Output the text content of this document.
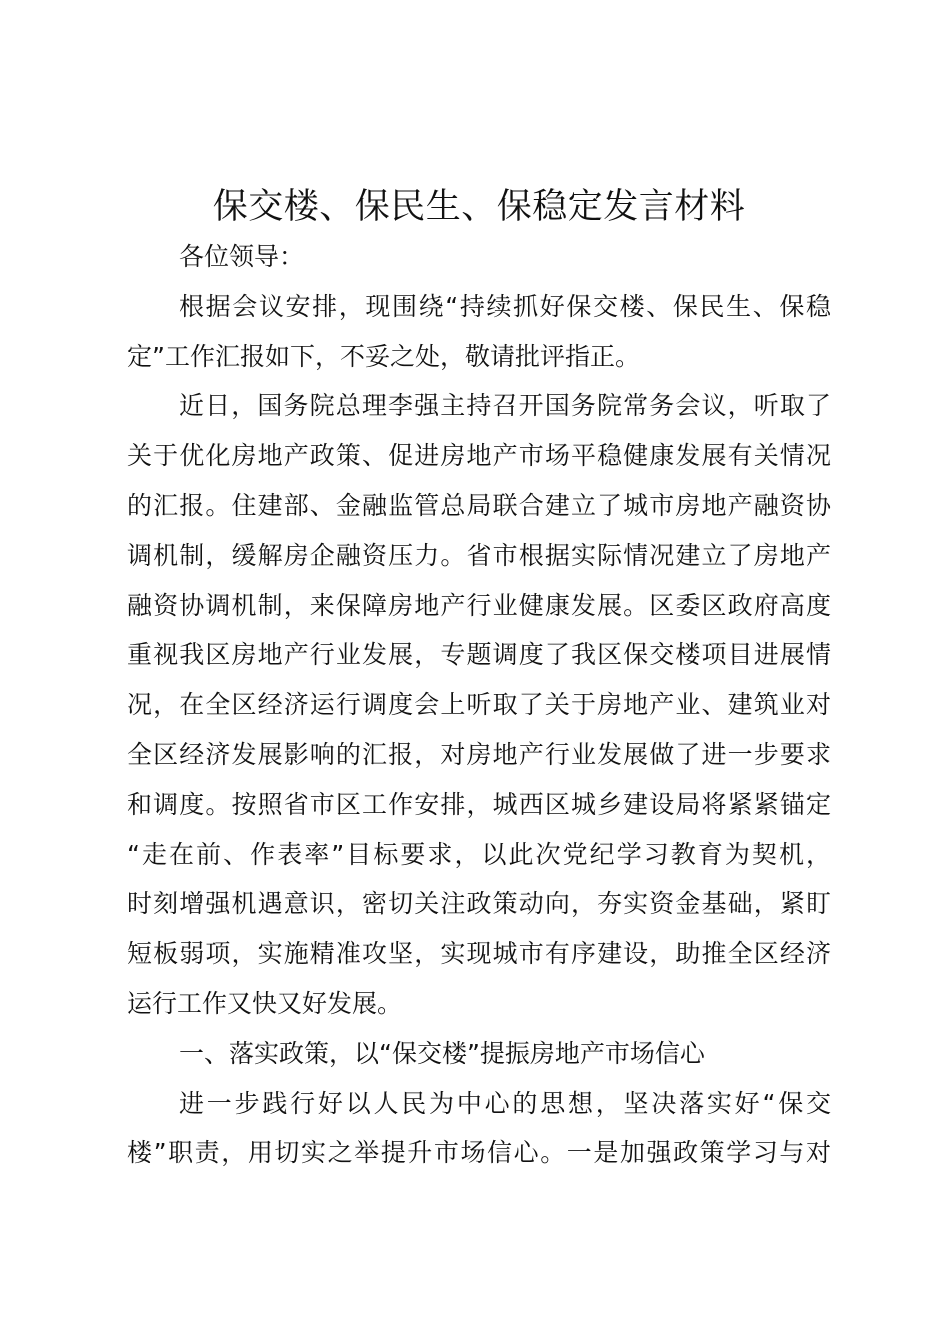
保交楼、保民生、保稳定发言材料

各位领导：

根据会议安排，现围绕“持续抓好保交楼、保民生、保稳
定”工作汇报如下，不妥之处，敬请批评指正。

近日，国务院总理李强主持召开国务院常务会议，听取了
关于优化房地产政策、促进房地产市场平稳健康发展有关情况
的汇报。住建部、金融监管总局联合建立了城市房地产融资协
调机制，缓解房企融资压力。省市根据实际情况建立了房地产
融资协调机制，来保障房地产行业健康发展。区委区政府高度
重视我区房地产行业发展，专题调度了我区保交楼项目进展情
况，在全区经济运行调度会上听取了关于房地产业、建筑业对
全区经济发展影响的汇报，对房地产行业发展做了进一步要求
和调度。按照省市区工作安排，城西区城乡建设局将紧紧锚定
“走在前、作表率”目标要求，以此次党纪学习教育为契机，
时刻增强机遇意识，密切关注政策动向，夯实资金基础，紧盯
短板弱项，实施精准攻坚，实现城市有序建设，助推全区经济
运行工作又快又好发展。

一、落实政策，以“保交楼”提振房地产市场信心

进一步践行好以人民为中心的思想，坚决落实好“保交
楼”职责，用切实之举提升市场信心。一是加强政策学习与对
